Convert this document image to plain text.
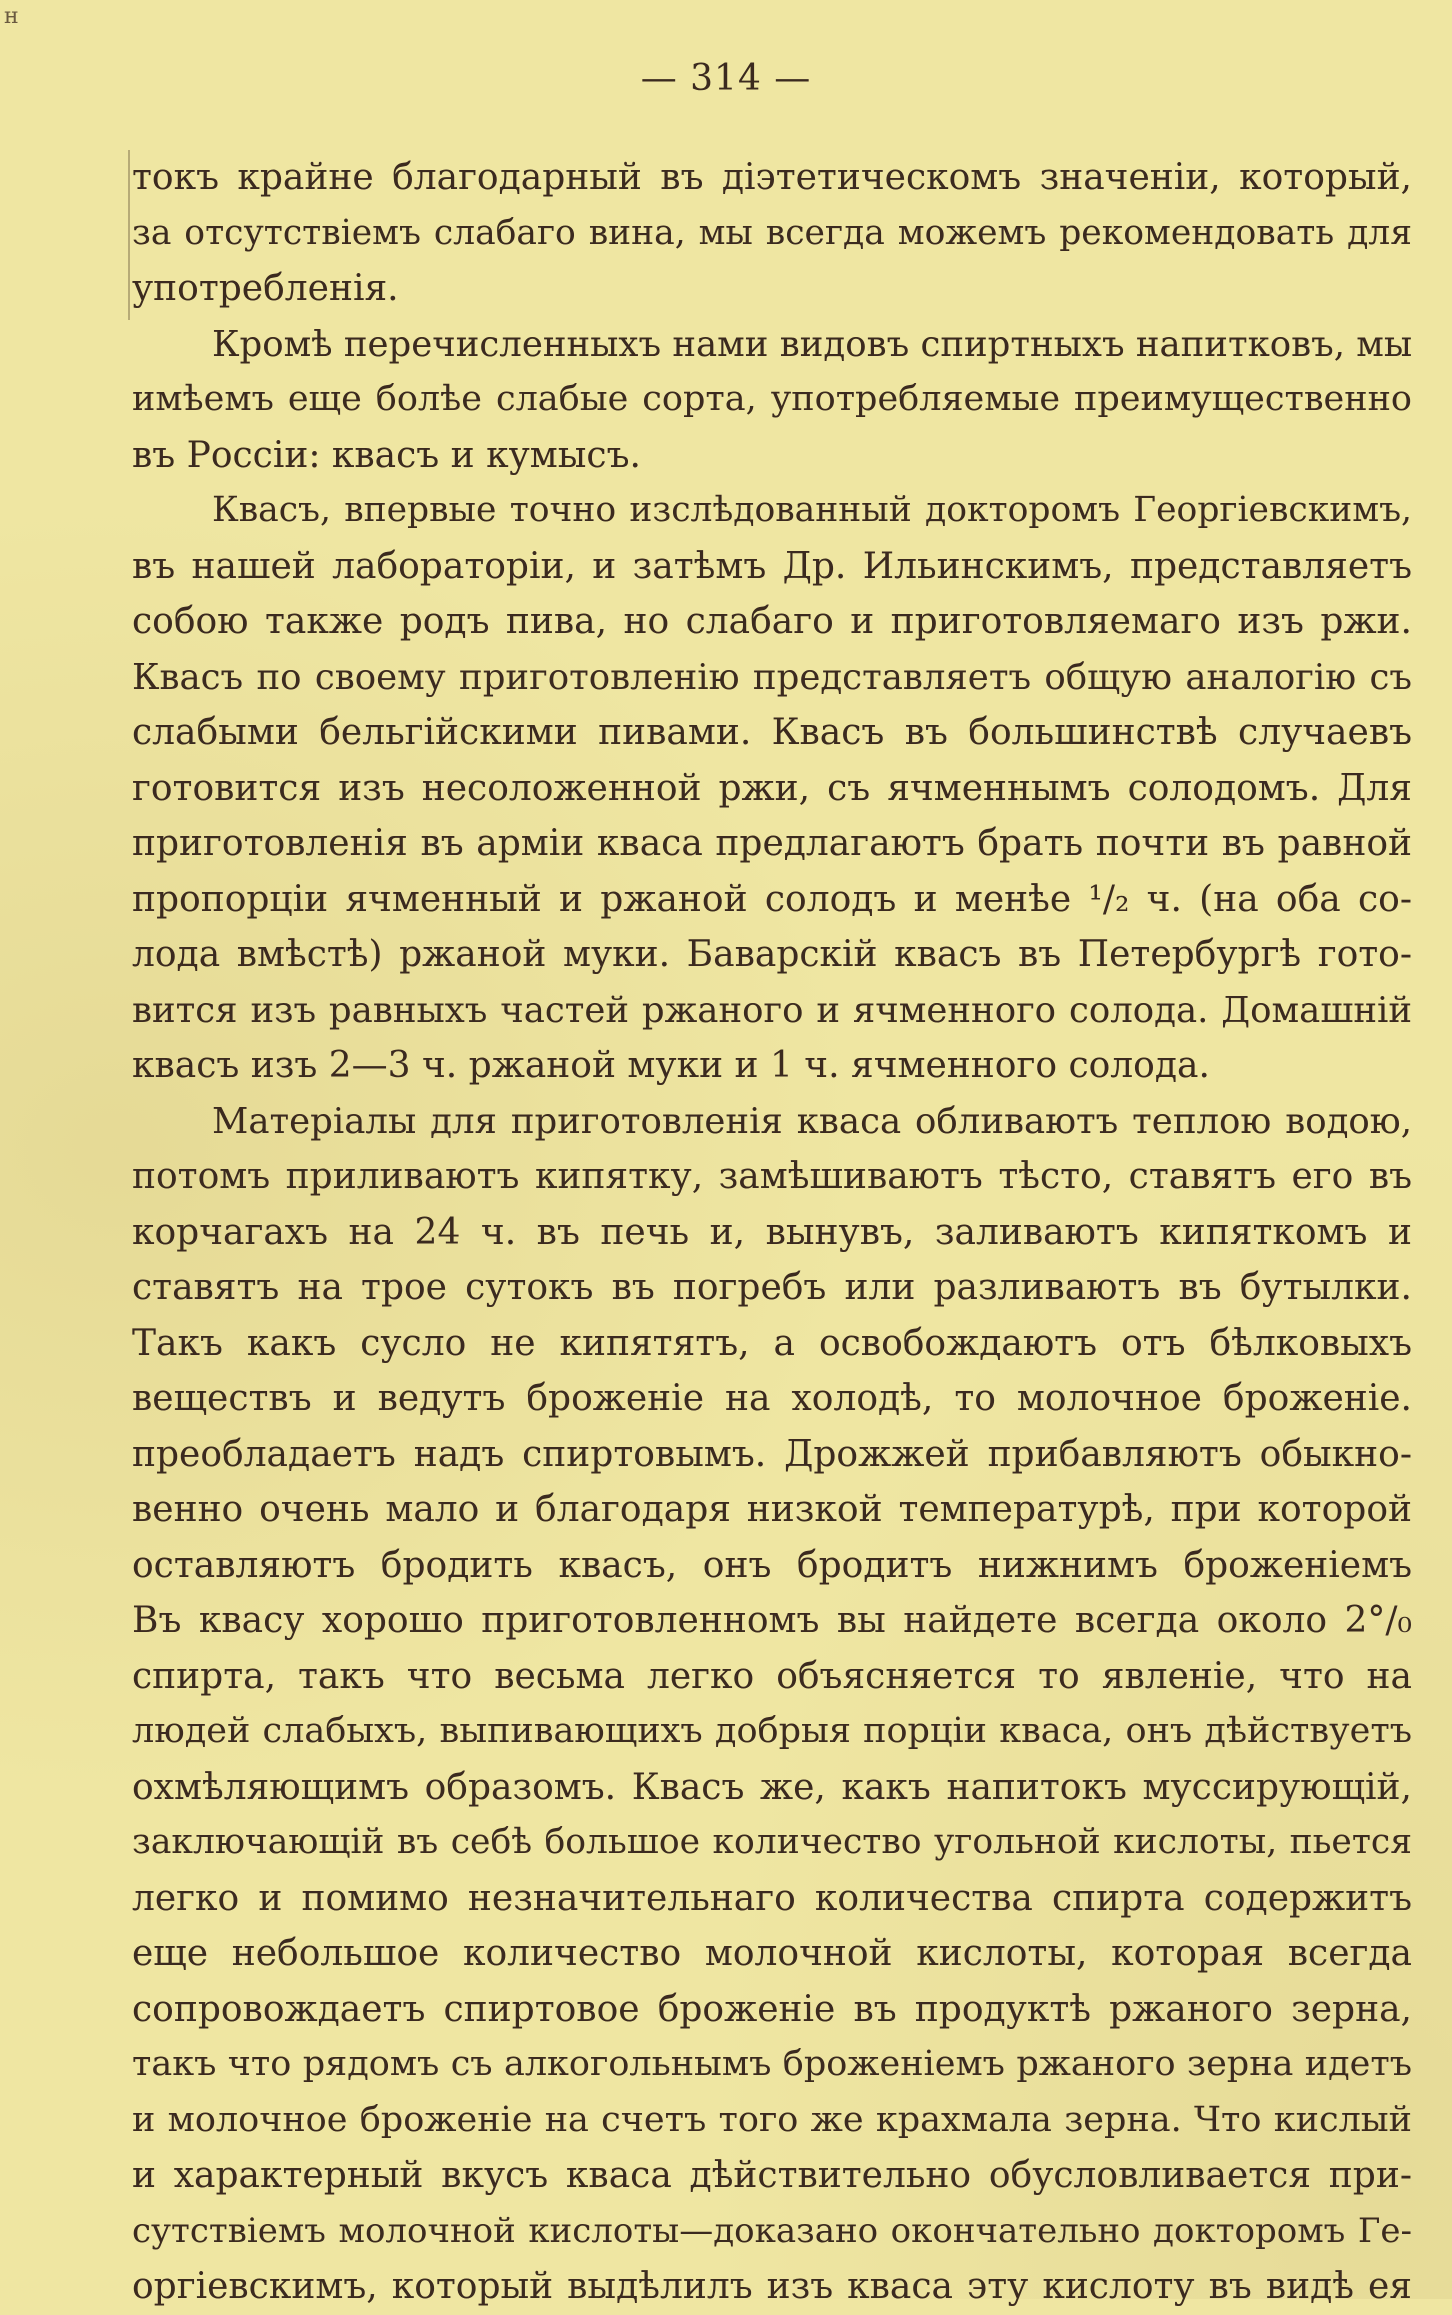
н
— 314 —
токъ крайне благодарный въ діэтетическомъ значеніи, который,
за отсутствіемъ слабаго вина, мы всегда можемъ рекомендовать для
употребленія.
Кромѣ перечисленныхъ нами видовъ спиртныхъ напитковъ, мы
имѣемъ еще болѣе слабые сорта, употребляемые преимущественно
въ Россіи: квасъ и кумысъ.
Квасъ, впервые точно изслѣдованный докторомъ Георгіевскимъ,
въ нашей лабораторіи, и затѣмъ Др. Ильинскимъ, представляетъ
собою также родъ пива, но слабаго и приготовляемаго изъ ржи.
Квасъ по своему приготовленію представляетъ общую аналогію съ
слабыми бельгійскими пивами. Квасъ въ большинствѣ случаевъ
готовится изъ несоложенной ржи, съ ячменнымъ солодомъ. Для
приготовленія въ арміи кваса предлагаютъ брать почти въ равной
пропорціи ячменный и ржаной солодъ и менѣе ¹/₂ ч. (на оба со-
лода вмѣстѣ) ржаной муки. Баварскій квасъ въ Петербургѣ гото-
вится изъ равныхъ частей ржаного и ячменного солода. Домашній
квасъ изъ 2—3 ч. ржаной муки и 1 ч. ячменного солода.
Матеріалы для приготовленія кваса обливаютъ теплою водою,
потомъ приливаютъ кипятку, замѣшиваютъ тѣсто, ставятъ его въ
корчагахъ на 24 ч. въ печь и, вынувъ, заливаютъ кипяткомъ и
ставятъ на трое сутокъ въ погребъ или разливаютъ въ бутылки.
Такъ какъ сусло не кипятятъ, а освобождаютъ отъ бѣлковыхъ
веществъ и ведутъ броженіе на холодѣ, то молочное броженіе.
преобладаетъ надъ спиртовымъ. Дрожжей прибавляютъ обыкно-
венно очень мало и благодаря низкой температурѣ, при которой
оставляютъ бродить квасъ, онъ бродитъ нижнимъ броженіемъ
Въ квасу хорошо приготовленномъ вы найдете всегда около 2°/₀
спирта, такъ что весьма легко объясняется то явленіе, что на
людей слабыхъ, выпивающихъ добрыя порціи кваса, онъ дѣйствуетъ
охмѣляющимъ образомъ. Квасъ же, какъ напитокъ муссирующій,
заключающій въ себѣ большое количество угольной кислоты, пьется
легко и помимо незначительнаго количества спирта содержитъ
еще небольшое количество молочной кислоты, которая всегда
сопровождаетъ спиртовое броженіе въ продуктѣ ржаного зерна,
такъ что рядомъ съ алкогольнымъ броженіемъ ржаного зерна идетъ
и молочное броженіе на счетъ того же крахмала зерна. Что кислый
и характерный вкусъ кваса дѣйствительно обусловливается при-
сутствіемъ молочной кислоты—доказано окончательно докторомъ Ге-
оргіевскимъ, который выдѣлилъ изъ кваса эту кислоту въ видѣ ея
